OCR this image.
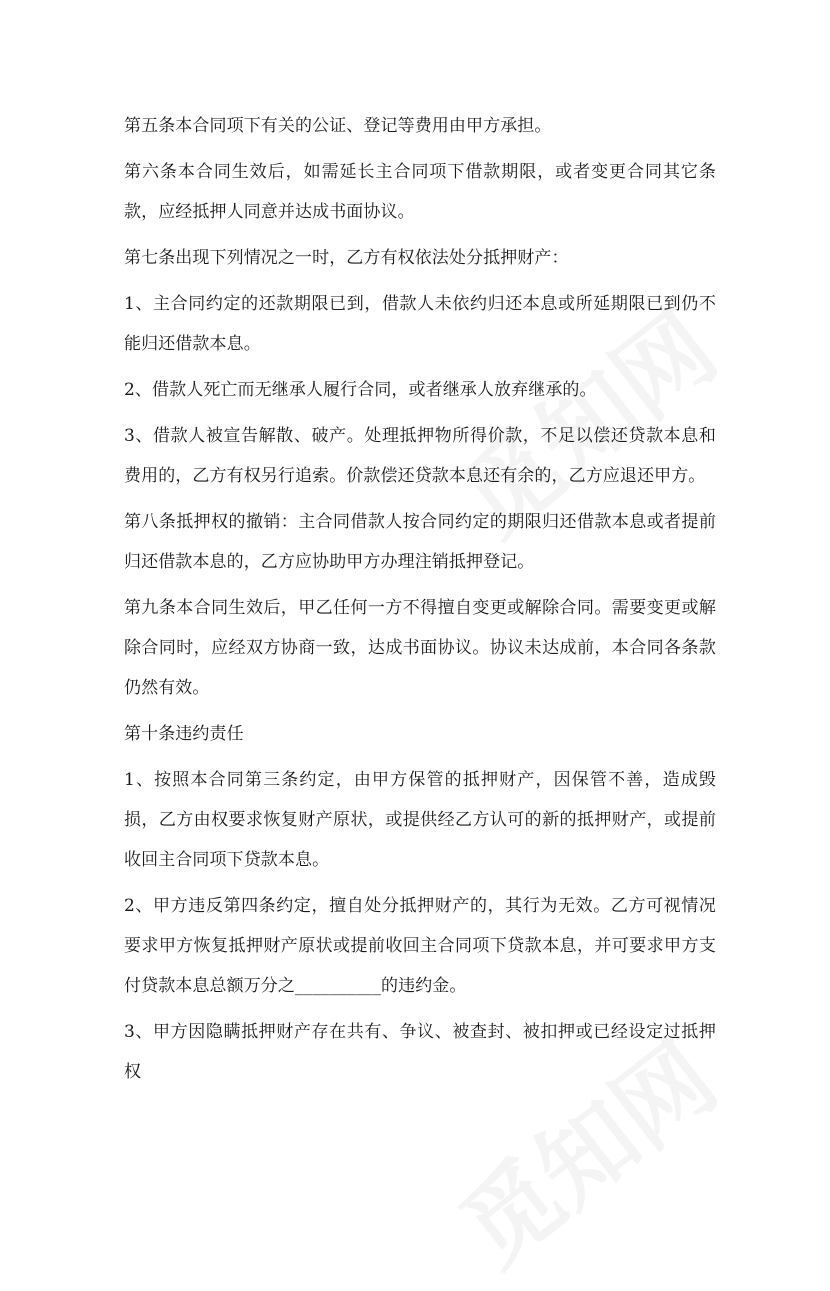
第五条本合同项下有关的公证、登记等费用由甲方承担。

第六条本合同生效后，如需延长主合同项下借款期限，或者变更合同其它条款，应经抵押人同意并达成书面协议。

第七条出现下列情况之一时，乙方有权依法处分抵押财产：

1、主合同约定的还款期限已到，借款人未依约归还本息或所延期限已到仍不能归还借款本息。

2、借款人死亡而无继承人履行合同，或者继承人放弃继承的。

3、借款人被宣告解散、破产。处理抵押物所得价款，不足以偿还贷款本息和费用的，乙方有权另行追索。价款偿还贷款本息还有余的，乙方应退还甲方。

第八条抵押权的撤销：主合同借款人按合同约定的期限归还借款本息或者提前归还借款本息的，乙方应协助甲方办理注销抵押登记。

第九条本合同生效后，甲乙任何一方不得擅自变更或解除合同。需要变更或解除合同时，应经双方协商一致，达成书面协议。协议未达成前，本合同各条款仍然有效。

第十条违约责任

1、按照本合同第三条约定，由甲方保管的抵押财产，因保管不善，造成毁损，乙方由权要求恢复财产原状，或提供经乙方认可的新的抵押财产，或提前收回主合同项下贷款本息。

2、甲方违反第四条约定，擅自处分抵押财产的，其行为无效。乙方可视情况要求甲方恢复抵押财产原状或提前收回主合同项下贷款本息，并可要求甲方支付贷款本息总额万分之__________的违约金。

3、甲方因隐瞒抵押财产存在共有、争议、被查封、被扣押或已经设定过抵押权
